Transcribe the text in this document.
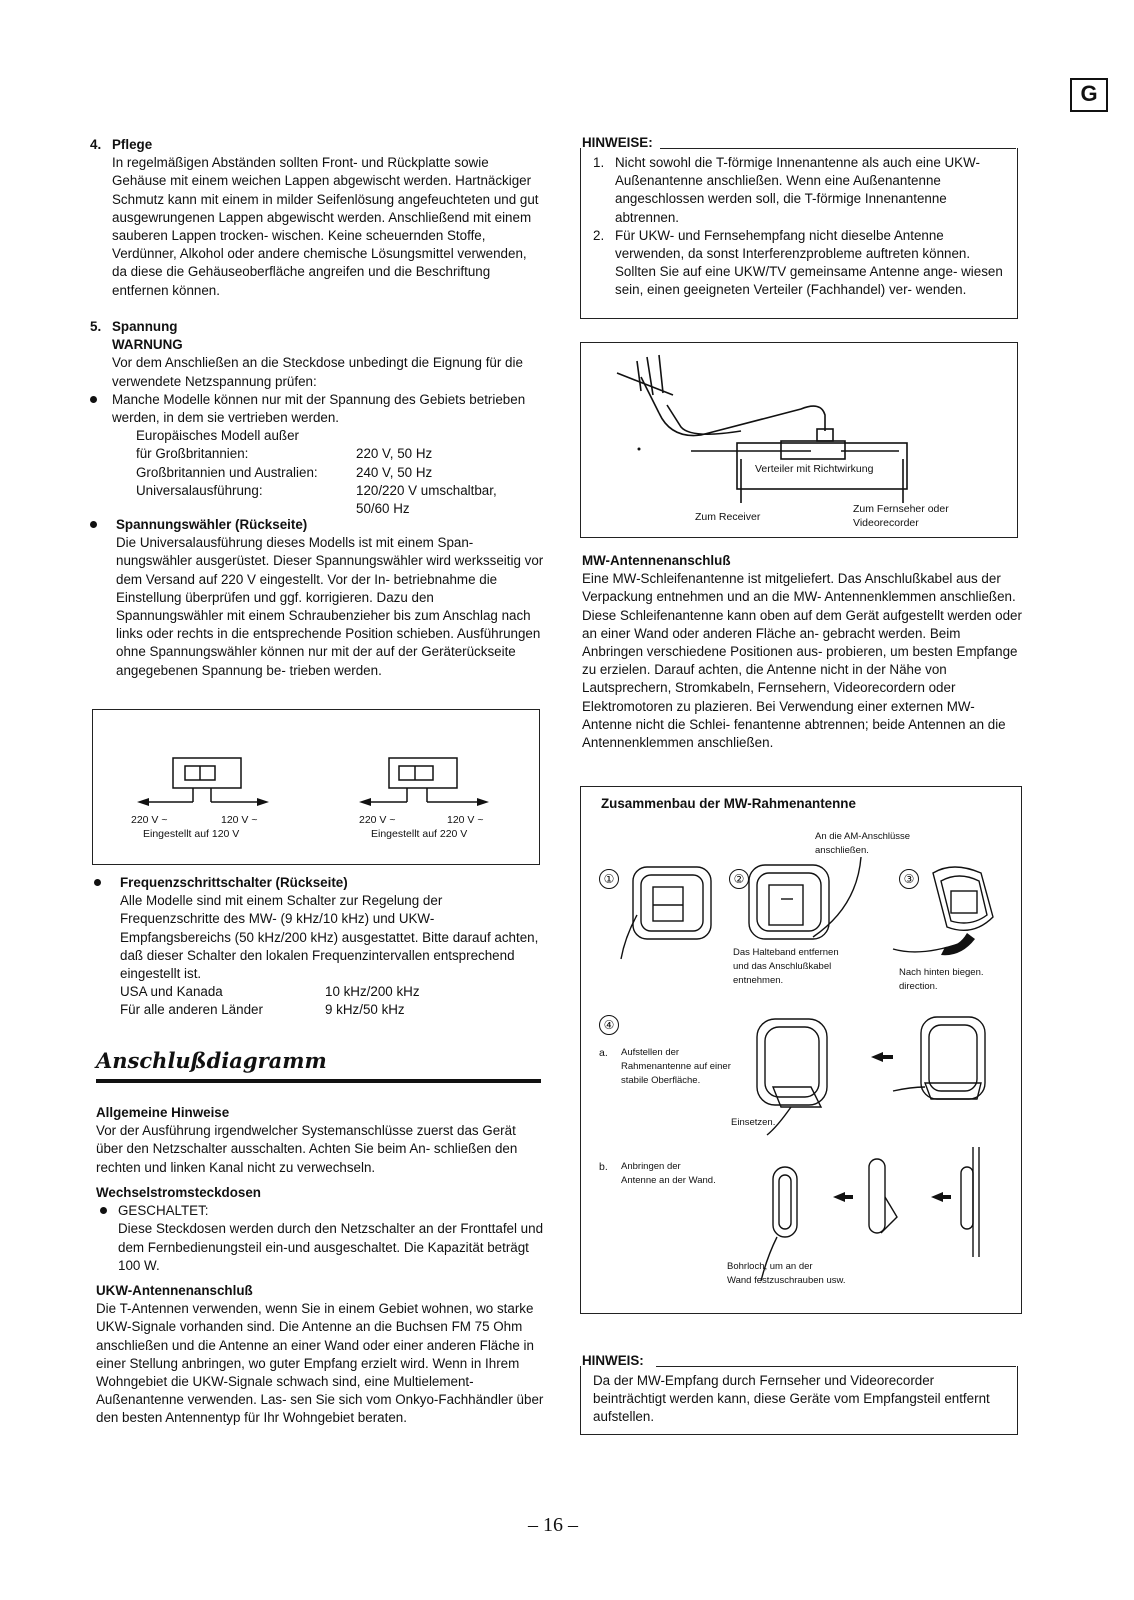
G
4. Pflege

In regelmäßigen Abständen sollten Front- und Rückplatte sowie Gehäuse mit einem weichen Lappen abgewischt werden. Hartnäckiger Schmutz kann mit einem in milder Seifenlösung angefeuchteten und gut ausgewrungenen Lappen abgewischt werden. Anschließend mit einem sauberen Lappen trocken- wischen. Keine scheuernden Stoffe, Verdünner, Alkohol oder andere chemische Lösungsmittel verwenden, da diese die Gehäuseoberfläche angreifen und die Beschriftung entfernen können.

5. Spannung
WARNUNG

Vor dem Anschließen an die Steckdose unbedingt die Eignung für die verwendete Netzspannung prüfen:

Manche Modelle können nur mit der Spannung des Gebiets betrieben werden, in dem sie vertrieben werden.

Europäisches Modell außer
für Großbritannien:	220 V, 50 Hz
Großbritannien und Australien:	240 V, 50 Hz
Universalausführung:	120/220 V umschaltbar,
50/60 Hz
Spannungswähler (Rückseite)

Die Universalausführung dieses Modells ist mit einem Span- nungswähler ausgerüstet. Dieser Spannungswähler wird werksseitig vor dem Versand auf 220 V eingestellt. Vor der In- betriebnahme die Einstellung überprüfen und ggf. korrigieren. Dazu den Spannungswähler mit einem Schraubenzieher bis zum Anschlag nach links oder rechts in die entsprechende Position schieben. Ausführungen ohne Spannungswähler können nur mit der auf der Geräterückseite angegebenen Spannung be- trieben werden.

220 V ~	120 V ~
Eingestellt auf 120 V
220 V ~	120 V ~
Eingestellt auf 220 V
Frequenzschrittschalter (Rückseite)

Alle Modelle sind mit einem Schalter zur Regelung der Frequenzschritte des MW- (9 kHz/10 kHz) und UKW-Empfangsbereichs (50 kHz/200 kHz) ausgestattet. Bitte darauf achten, daß dieser Schalter den lokalen Frequenzintervallen entsprechend eingestellt ist.

USA und Kanada	10 kHz/200 kHz
Für alle anderen Länder	9 kHz/50 kHz
Anschlußdiagramm
Allgemeine Hinweise

Vor der Ausführung irgendwelcher Systemanschlüsse zuerst das Gerät über den Netzschalter ausschalten. Achten Sie beim An- schließen den rechten und linken Kanal nicht zu verwechseln.

Wechselstromsteckdosen
GESCHALTET:

Diese Steckdosen werden durch den Netzschalter an der Fronttafel und dem Fernbedienungsteil ein-und ausgeschaltet. Die Kapazität beträgt 100 W.

UKW-Antennenanschluß

Die T-Antennen verwenden, wenn Sie in einem Gebiet wohnen, wo starke UKW-Signale vorhanden sind. Die Antenne an die Buchsen FM 75 Ohm anschließen und die Antenne an einer Wand oder einer anderen Fläche in einer Stellung anbringen, wo guter Empfang erzielt wird. Wenn in Ihrem Wohngebiet die UKW-Signale schwach sind, eine Multielement-Außenantenne verwenden. Las- sen Sie sich vom Onkyo-Fachhändler über den besten Antennentyp für Ihr Wohngebiet beraten.

HINWEISE:
1. Nicht sowohl die T-förmige Innenantenne als auch eine UKW- Außenantenne anschließen. Wenn eine Außenantenne angeschlossen werden soll, die T-förmige Innenantenne abtrennen.

2. Für UKW- und Fernsehempfang nicht dieselbe Antenne verwenden, da sonst Interferenzprobleme auftreten können. Sollten Sie auf eine UKW/TV gemeinsame Antenne ange- wiesen sein, einen geeigneten Verteiler (Fachhandel) ver- wenden.

Verteiler mit Richtwirkung
Zum Receiver
Zum Fernseher oder
Videorecorder
MW-Antennenanschluß

Eine MW-Schleifenantenne ist mitgeliefert. Das Anschlußkabel aus der Verpackung entnehmen und an die MW- Antennenklemmen anschließen. Diese Schleifenantenne kann oben auf dem Gerät aufgestellt werden oder an einer Wand oder anderen Fläche an- gebracht werden. Beim Anbringen verschiedene Positionen aus- probieren, um besten Empfange zu erzielen. Darauf achten, die Antenne nicht in der Nähe von Lautsprechern, Stromkabeln, Fernsehern, Videorecordern oder Elektromotoren zu plazieren. Bei Verwendung einer externen MW-Antenne nicht die Schlei- fenantenne abtrennen; beide Antennen an die Antennenklemmen anschließen.

Zusammenbau der MW-Rahmenantenne
An die AM-Anschlüsse
anschließen.
①	②	③
Das Halteband entfernen
und das Anschlußkabel
entnehmen.
Nach hinten biegen.
direction.
④
a. Aufstellen der
Rahmenantenne auf einer
stabile Oberfläche.
Einsetzen.
b. Anbringen der
Antenne an der Wand.
Bohrloch, um an der
Wand festzuschrauben usw.
HINWEIS:

Da der MW-Empfang durch Fernseher und Videorecorder beinträchtigt werden kann, diese Geräte vom Empfangsteil entfernt aufstellen.

– 16 –
